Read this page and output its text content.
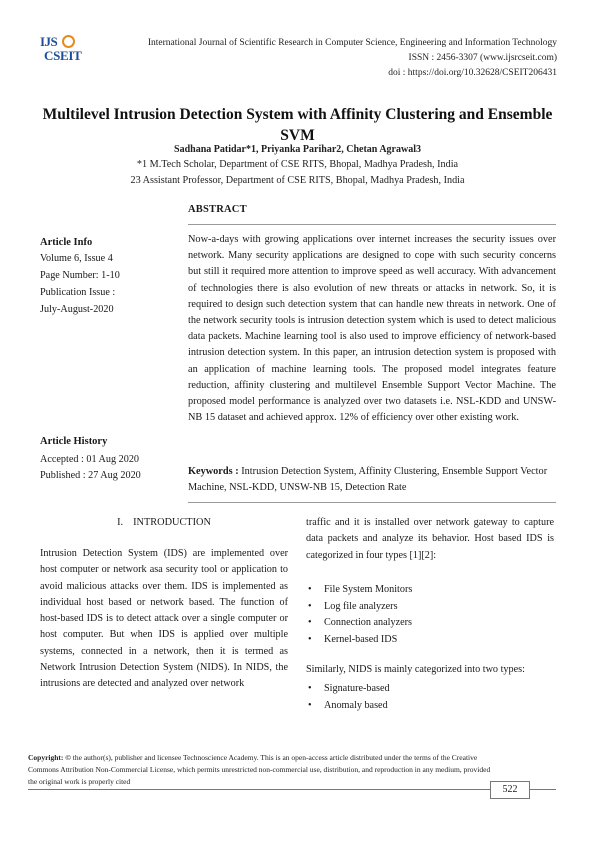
IJS
CSEIT
International Journal of Scientific Research in Computer Science, Engineering and Information Technology
ISSN : 2456-3307 (www.ijsrcseit.com)
doi : https://doi.org/10.32628/CSEIT206431
Multilevel Intrusion Detection System with Affinity Clustering and Ensemble
SVM
Sadhana Patidar*1, Priyanka Parihar2, Chetan Agrawal3
*1 M.Tech Scholar, Department of CSE RITS, Bhopal, Madhya Pradesh, India
23 Assistant Professor, Department of CSE RITS, Bhopal, Madhya Pradesh, India
ABSTRACT
Article Info
Volume 6, Issue 4
Page Number: 1-10
Publication Issue :
July-August-2020
Article History
Accepted : 01 Aug 2020
Published : 27 Aug 2020
Now-a-days with growing applications over internet increases the security issues over network. Many security applications are designed to cope with such security concerns but still it required more attention to improve speed as well accuracy. With advancement of technologies there is also evolution of new threats or attacks in network. So, it is required to design such detection system that can handle new threats in network. One of the network security tools is intrusion detection system which is used to detect malicious data packets. Machine learning tool is also used to improve efficiency of network-based intrusion detection system. In this paper, an intrusion detection system is proposed with an application of machine learning tools. The proposed model integrates feature reduction, affinity clustering and multilevel Ensemble Support Vector Machine. The proposed model performance is analyzed over two datasets i.e. NSL-KDD and UNSW-NB 15 dataset and achieved approx. 12% of efficiency over other existing work.
Keywords : Intrusion Detection System, Affinity Clustering, Ensemble Support Vector Machine, NSL-KDD, UNSW-NB 15, Detection Rate
I. INTRODUCTION
Intrusion Detection System (IDS) are implemented over host computer or network asa security tool or application to avoid malicious attacks over them. IDS is implemented as individual host based or network based. The function of host-based IDS is to detect attack over a single computer or host computer. But when IDS is applied over multiple systems, connected in a network, then it is termed as Network Intrusion Detection System (NIDS). In NIDS, the intrusions are detected and analyzed over network
traffic and it is installed over network gateway to capture data packets and analyze its behavior. Host based IDS is categorized in four types [1][2]:
• File System Monitors
• Log file analyzers
• Connection analyzers
• Kernel-based IDS
Similarly, NIDS is mainly categorized into two types:
• Signature-based
• Anomaly based
Copyright: © the author(s), publisher and licensee Technoscience Academy. This is an open-access article distributed under the terms of the Creative Commons Attribution Non-Commercial License, which permits unrestricted non-commercial use, distribution, and reproduction in any medium, provided the original work is properly cited
522
